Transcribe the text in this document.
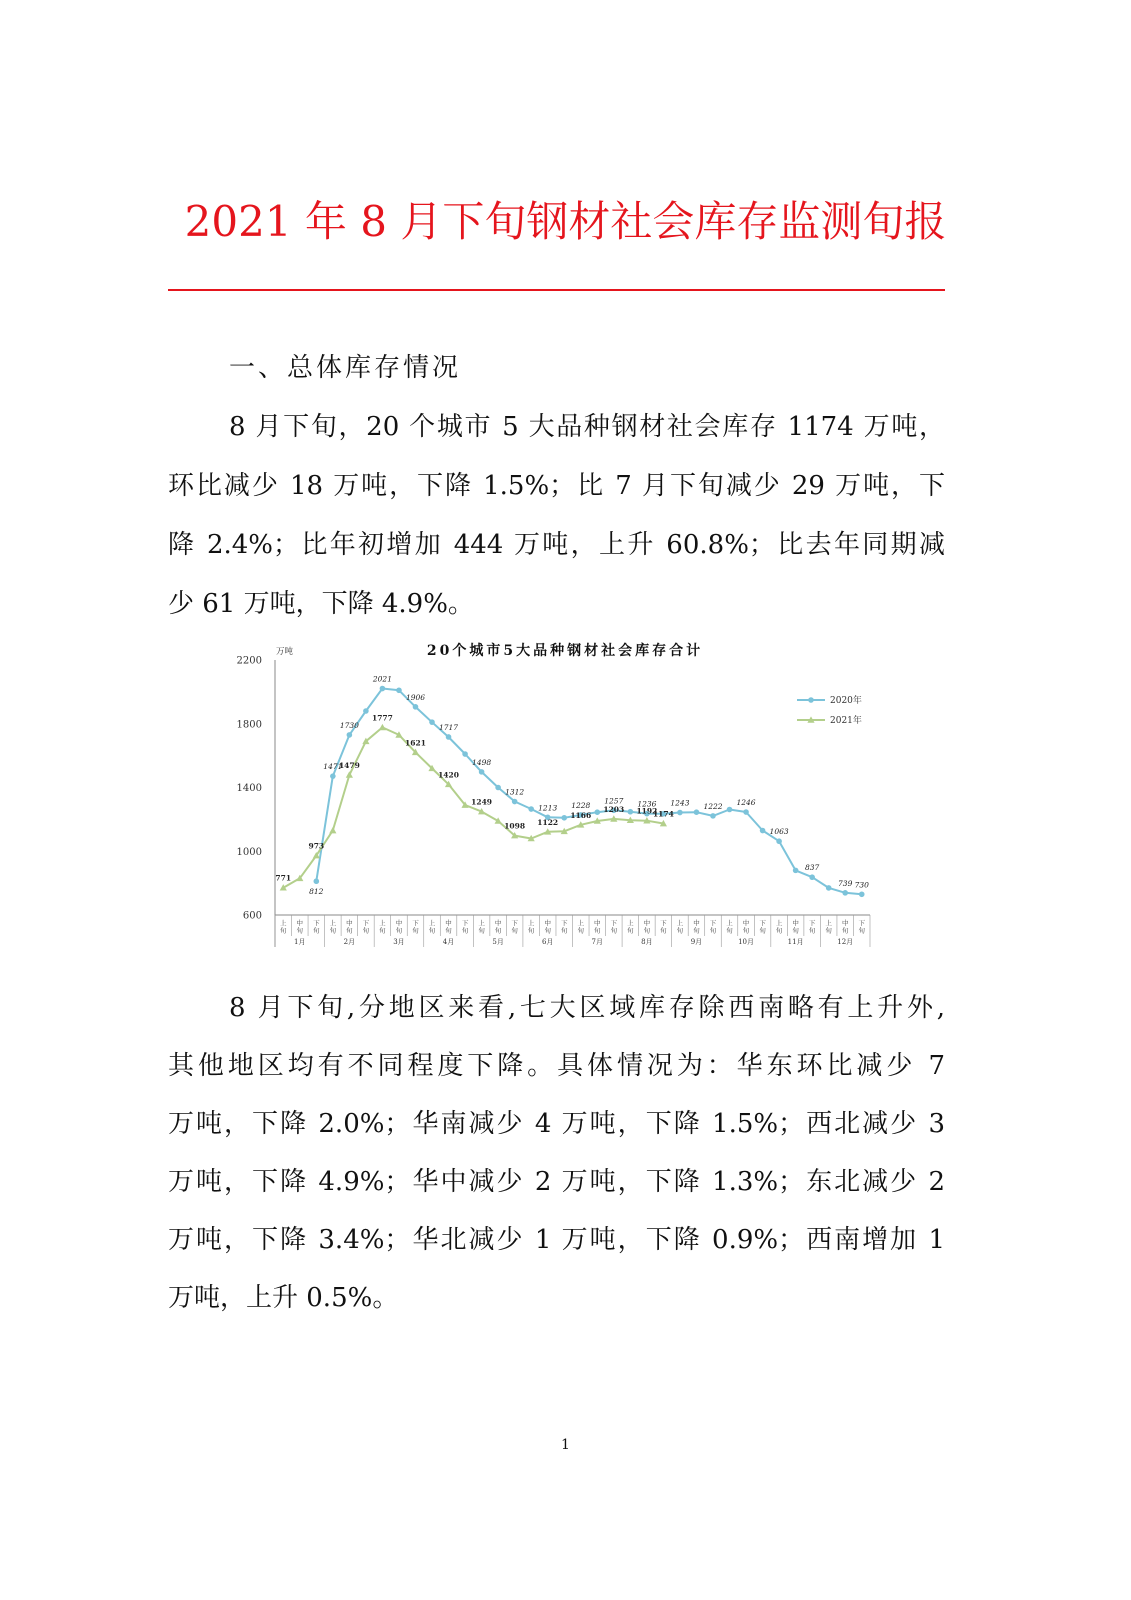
2021 年 8 月下旬钢材社会库存监测旬报
一、总体库存情况
8 月下旬，20 个城市 5 大品种钢材社会库存 1174 万吨，
环比减少 18 万吨，下降 1.5%；比 7 月下旬减少 29 万吨，下
降 2.4%；比年初增加 444 万吨，上升 60.8%；比去年同期减
少 61 万吨，下降 4.9%。
20个城市5大品种钢材社会库存合计
万吨
600
1000
1400
1800
2200
上旬
中旬
下旬
1月
上旬
中旬
下旬
2月
上旬
中旬
下旬
3月
上旬
中旬
下旬
4月
上旬
中旬
下旬
5月
上旬
中旬
下旬
6月
上旬
中旬
下旬
7月
上旬
中旬
下旬
8月
上旬
中旬
下旬
9月
上旬
中旬
下旬
10月
上旬
中旬
下旬
11月
上旬
中旬
下旬
12月
812
1471
1730
2021
1906
1717
1498
1312
1213 1228
1257 1236 1243 1222 1246
1063
837
739 730
771
973
1479
1777
1621
1420
1249
1098 1122
1166
1203 1192
1174
2020年
2021年
8 月下旬,分地区来看,七大区域库存除西南略有上升外,
其他地区均有不同程度下降。具体情况为：华东环比减少 7
万吨，下降 2.0%；华南减少 4 万吨，下降 1.5%；西北减少 3
万吨，下降 4.9%；华中减少 2 万吨，下降 1.3%；东北减少 2
万吨，下降 3.4%；华北减少 1 万吨，下降 0.9%；西南增加 1
万吨，上升 0.5%。
1
